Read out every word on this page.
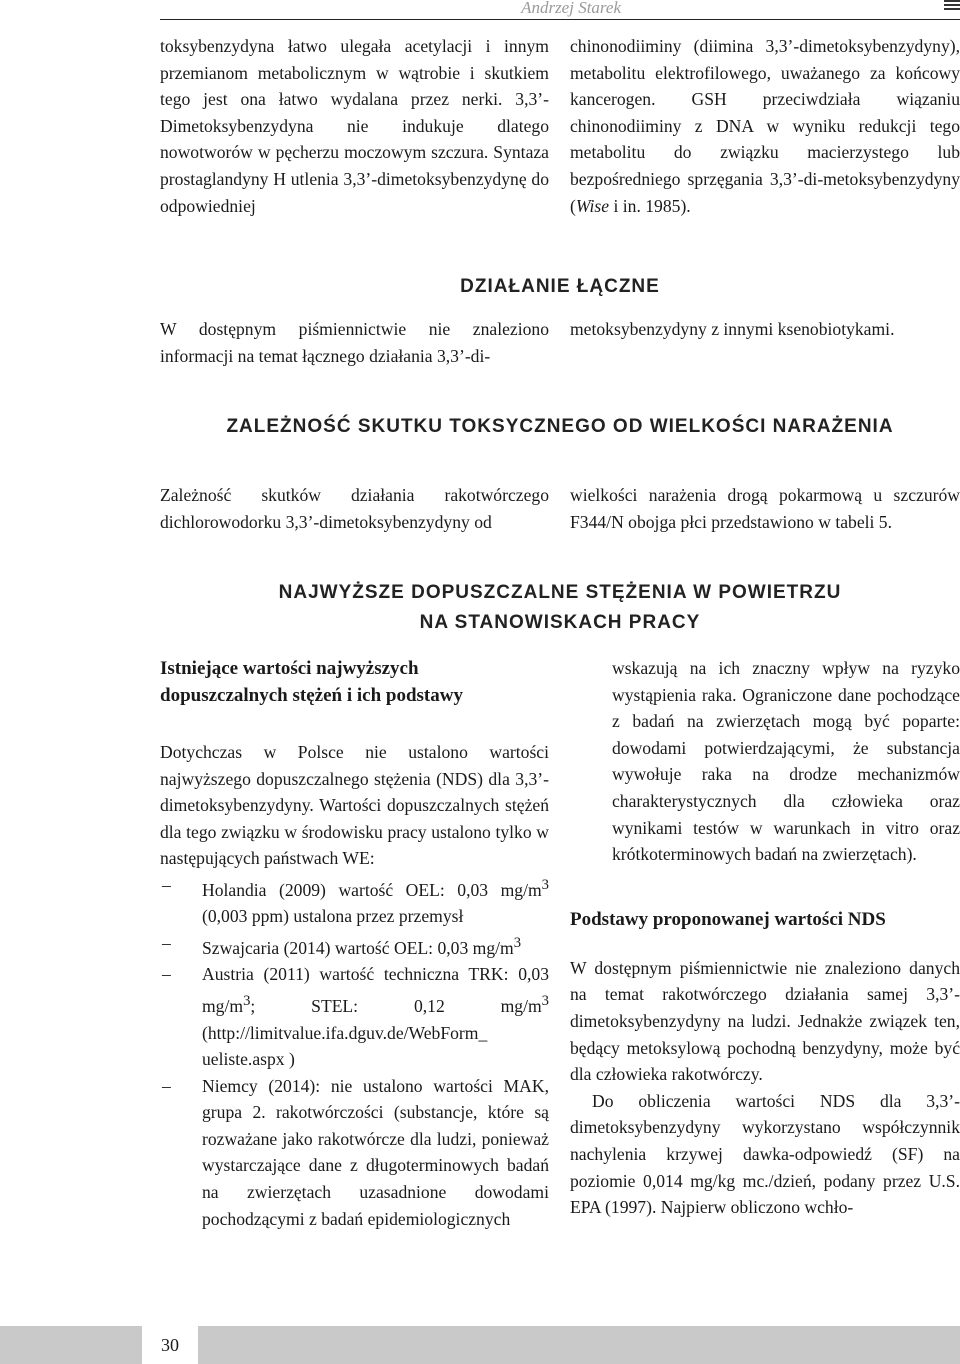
Andrzej Starek

toksybenzydyna łatwo ulegała acetylacji i innym przemianom metabolicznym w wątrobie i skutkiem tego jest ona łatwo wydalana przez nerki. 3,3’-Dimetoksybenzydyna nie indukuje dlatego nowotworów w pęcherzu moczowym szczura. Syntaza prostaglandyny H utlenia 3,3’-dimetoksybenzydynę do odpowiedniej

chinonodiiminy (diimina 3,3’-dimetoksybenzydyny), metabolitu elektrofilowego, uważanego za końcowy kancerogen. GSH przeciwdziała wiązaniu chinonodiiminy z DNA w wyniku redukcji tego metabolitu do związku macierzystego lub bezpośredniego sprzęgania 3,3’-di-metoksybenzydyny (Wise i in. 1985).

DZIAŁANIE ŁĄCZNE

W dostępnym piśmiennictwie nie znaleziono informacji na temat łącznego działania 3,3’-di-

metoksybenzydyny z innymi ksenobiotykami.

ZALEŻNOŚĆ SKUTKU TOKSYCZNEGO OD WIELKOŚCI NARAŻENIA

Zależność skutków działania rakotwórczego dichlorowodorku 3,3’-dimetoksybenzydyny od

wielkości narażenia drogą pokarmową u szczurów F344/N obojga płci przedstawiono w tabeli 5.

NAJWYŻSZE DOPUSZCZALNE STĘŻENIA W POWIETRZU
NA STANOWISKACH PRACY

Istniejące wartości najwyższych dopuszczalnych stężeń i ich podstawy

Dotychczas w Polsce nie ustalono wartości najwyższego dopuszczalnego stężenia (NDS) dla 3,3’-dimetoksybenzydyny. Wartości dopuszczalnych stężeń dla tego związku w środowisku pracy ustalono tylko w następujących państwach WE:

– Holandia (2009) wartość OEL: 0,03 $mg/m^3$ (0,003 ppm) ustalona przez przemysł
– Szwajcaria (2014) wartość OEL: 0,03 $mg/m^3$
– Austria (2011) wartość techniczna TRK: 0,03 $mg/m^3$; STEL: 0,12 $mg/m^3$ (http://limitvalue.ifa.dguv.de/WebForm_ ueliste.aspx )
– Niemcy (2014): nie ustalono wartości MAK, grupa 2. rakotwórczości (substancje, które są rozważane jako rakotwórcze dla ludzi, ponieważ wystarczające dane z długoterminowych badań na zwierzętach uzasadnione dowodami pochodzącymi z badań epidemiologicznych

wskazują na ich znaczny wpływ na ryzyko wystąpienia raka. Ograniczone dane pochodzące z badań na zwierzętach mogą być poparte: dowodami potwierdzającymi, że substancja wywołuje raka na drodze mechanizmów charakterystycznych dla człowieka oraz wynikami testów w warunkach in vitro oraz krótkoterminowych badań na zwierzętach).

Podstawy proponowanej wartości NDS

W dostępnym piśmiennictwie nie znaleziono danych na temat rakotwórczego działania samej 3,3’-dimetoksybenzydyny na ludzi. Jednakże związek ten, będący metoksylową pochodną benzydyny, może być dla człowieka rakotwórczy.

Do obliczenia wartości NDS dla 3,3’-dimetoksybenzydyny wykorzystano współczynnik nachylenia krzywej dawka-odpowiedź (SF) na poziomie 0,014 mg/kg mc./dzień, podany przez U.S. EPA (1997). Najpierw obliczono wchło-

30
